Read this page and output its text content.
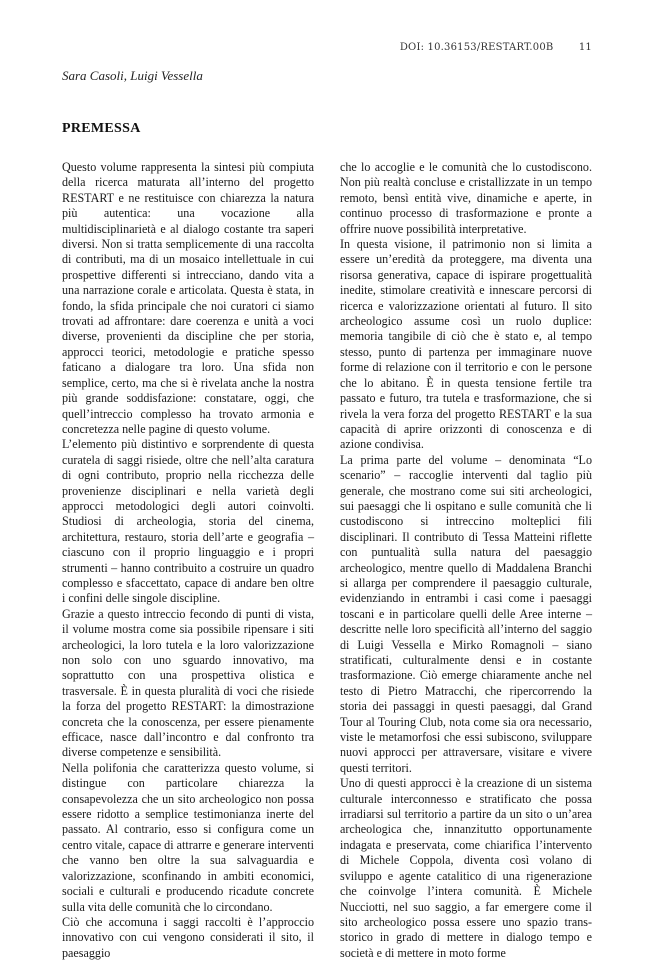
DOI: 10.36153/RESTART.00B	11
Sara Casoli, Luigi Vessella
PREMESSA

Questo volume rappresenta la sintesi più compiuta della ricerca maturata all’interno del progetto RESTART e ne restituisce con chiarezza la natura più autentica: una vocazione alla multidisciplinarietà e al dialogo costante tra saperi diversi. Non si tratta semplicemente di una raccolta di contributi, ma di un mosaico intellettuale in cui prospettive differenti si intrecciano, dando vita a una narrazione corale e articolata. Questa è stata, in fondo, la sfida principale che noi curatori ci siamo trovati ad affrontare: dare coerenza e unità a voci diverse, provenienti da discipline che per storia, approcci teorici, metodologie e pratiche spesso faticano a dialogare tra loro. Una sfida non semplice, certo, ma che si è rivelata anche la nostra più grande soddisfazione: constatare, oggi, che quell’intreccio complesso ha trovato armonia e concretezza nelle pagine di questo volume.

L’elemento più distintivo e sorprendente di questa curatela di saggi risiede, oltre che nell’alta caratura di ogni contributo, proprio nella ricchezza delle provenienze disciplinari e nella varietà degli approcci metodologici degli autori coinvolti. Studiosi di archeologia, storia del cinema, architettura, restauro, storia dell’arte e geografia – ciascuno con il proprio linguaggio e i propri strumenti – hanno contribuito a costruire un quadro complesso e sfaccettato, capace di andare ben oltre i confini delle singole discipline.

Grazie a questo intreccio fecondo di punti di vista, il volume mostra come sia possibile ripensare i siti archeologici, la loro tutela e la loro valorizzazione non solo con uno sguardo innovativo, ma soprattutto con una prospettiva olistica e trasversale. È in questa pluralità di voci che risiede la forza del progetto RESTART: la dimostrazione concreta che la conoscenza, per essere pienamente efficace, nasce dall’incontro e dal confronto tra diverse competenze e sensibilità.

Nella polifonia che caratterizza questo volume, si distingue con particolare chiarezza la consapevolezza che un sito archeologico non possa essere ridotto a semplice testimonianza inerte del passato. Al contrario, esso si configura come un centro vitale, capace di attrarre e generare interventi che vanno ben oltre la sua salvaguardia e valorizzazione, sconfinando in ambiti economici, sociali e culturali e producendo ricadute concrete sulla vita delle comunità che lo circondano.

Ciò che accomuna i saggi raccolti è l’approccio innovativo con cui vengono considerati il sito, il paesaggio

che lo accoglie e le comunità che lo custodiscono. Non più realtà concluse e cristallizzate in un tempo remoto, bensì entità vive, dinamiche e aperte, in continuo processo di trasformazione e pronte a offrire nuove possibilità interpretative.

In questa visione, il patrimonio non si limita a essere un’eredità da proteggere, ma diventa una risorsa generativa, capace di ispirare progettualità inedite, stimolare creatività e innescare percorsi di ricerca e valorizzazione orientati al futuro. Il sito archeologico assume così un ruolo duplice: memoria tangibile di ciò che è stato e, al tempo stesso, punto di partenza per immaginare nuove forme di relazione con il territorio e con le persone che lo abitano. È in questa tensione fertile tra passato e futuro, tra tutela e trasformazione, che si rivela la vera forza del progetto RESTART e la sua capacità di aprire orizzonti di conoscenza e di azione condivisa.

La prima parte del volume – denominata “Lo scenario” – raccoglie interventi dal taglio più generale, che mostrano come sui siti archeologici, sui paesaggi che li ospitano e sulle comunità che li custodiscono si intreccino molteplici fili disciplinari. Il contributo di Tessa Matteini riflette con puntualità sulla natura del paesaggio archeologico, mentre quello di Maddalena Branchi si allarga per comprendere il paesaggio culturale, evidenziando in entrambi i casi come i paesaggi toscani e in particolare quelli delle Aree interne – descritte nelle loro specificità all’interno del saggio di Luigi Vessella e Mirko Romagnoli – siano stratificati, culturalmente densi e in costante trasformazione. Ciò emerge chiaramente anche nel testo di Pietro Matracchi, che ripercorrendo la storia dei passaggi in questi paesaggi, dal Grand Tour al Touring Club, nota come sia ora necessario, viste le metamorfosi che essi subiscono, sviluppare nuovi approcci per attraversare, visitare e vivere questi territori.

Uno di questi approcci è la creazione di un sistema culturale interconnesso e stratificato che possa irradiarsi sul territorio a partire da un sito o un’area archeologica che, innanzitutto opportunamente indagata e preservata, come chiarifica l’intervento di Michele Coppola, diventa così volano di sviluppo e agente catalitico di una rigenerazione che coinvolge l’intera comunità. È Michele Nucciotti, nel suo saggio, a far emergere come il sito archeologico possa essere uno spazio trans-storico in grado di mettere in dialogo tempo e società e di mettere in moto forme
